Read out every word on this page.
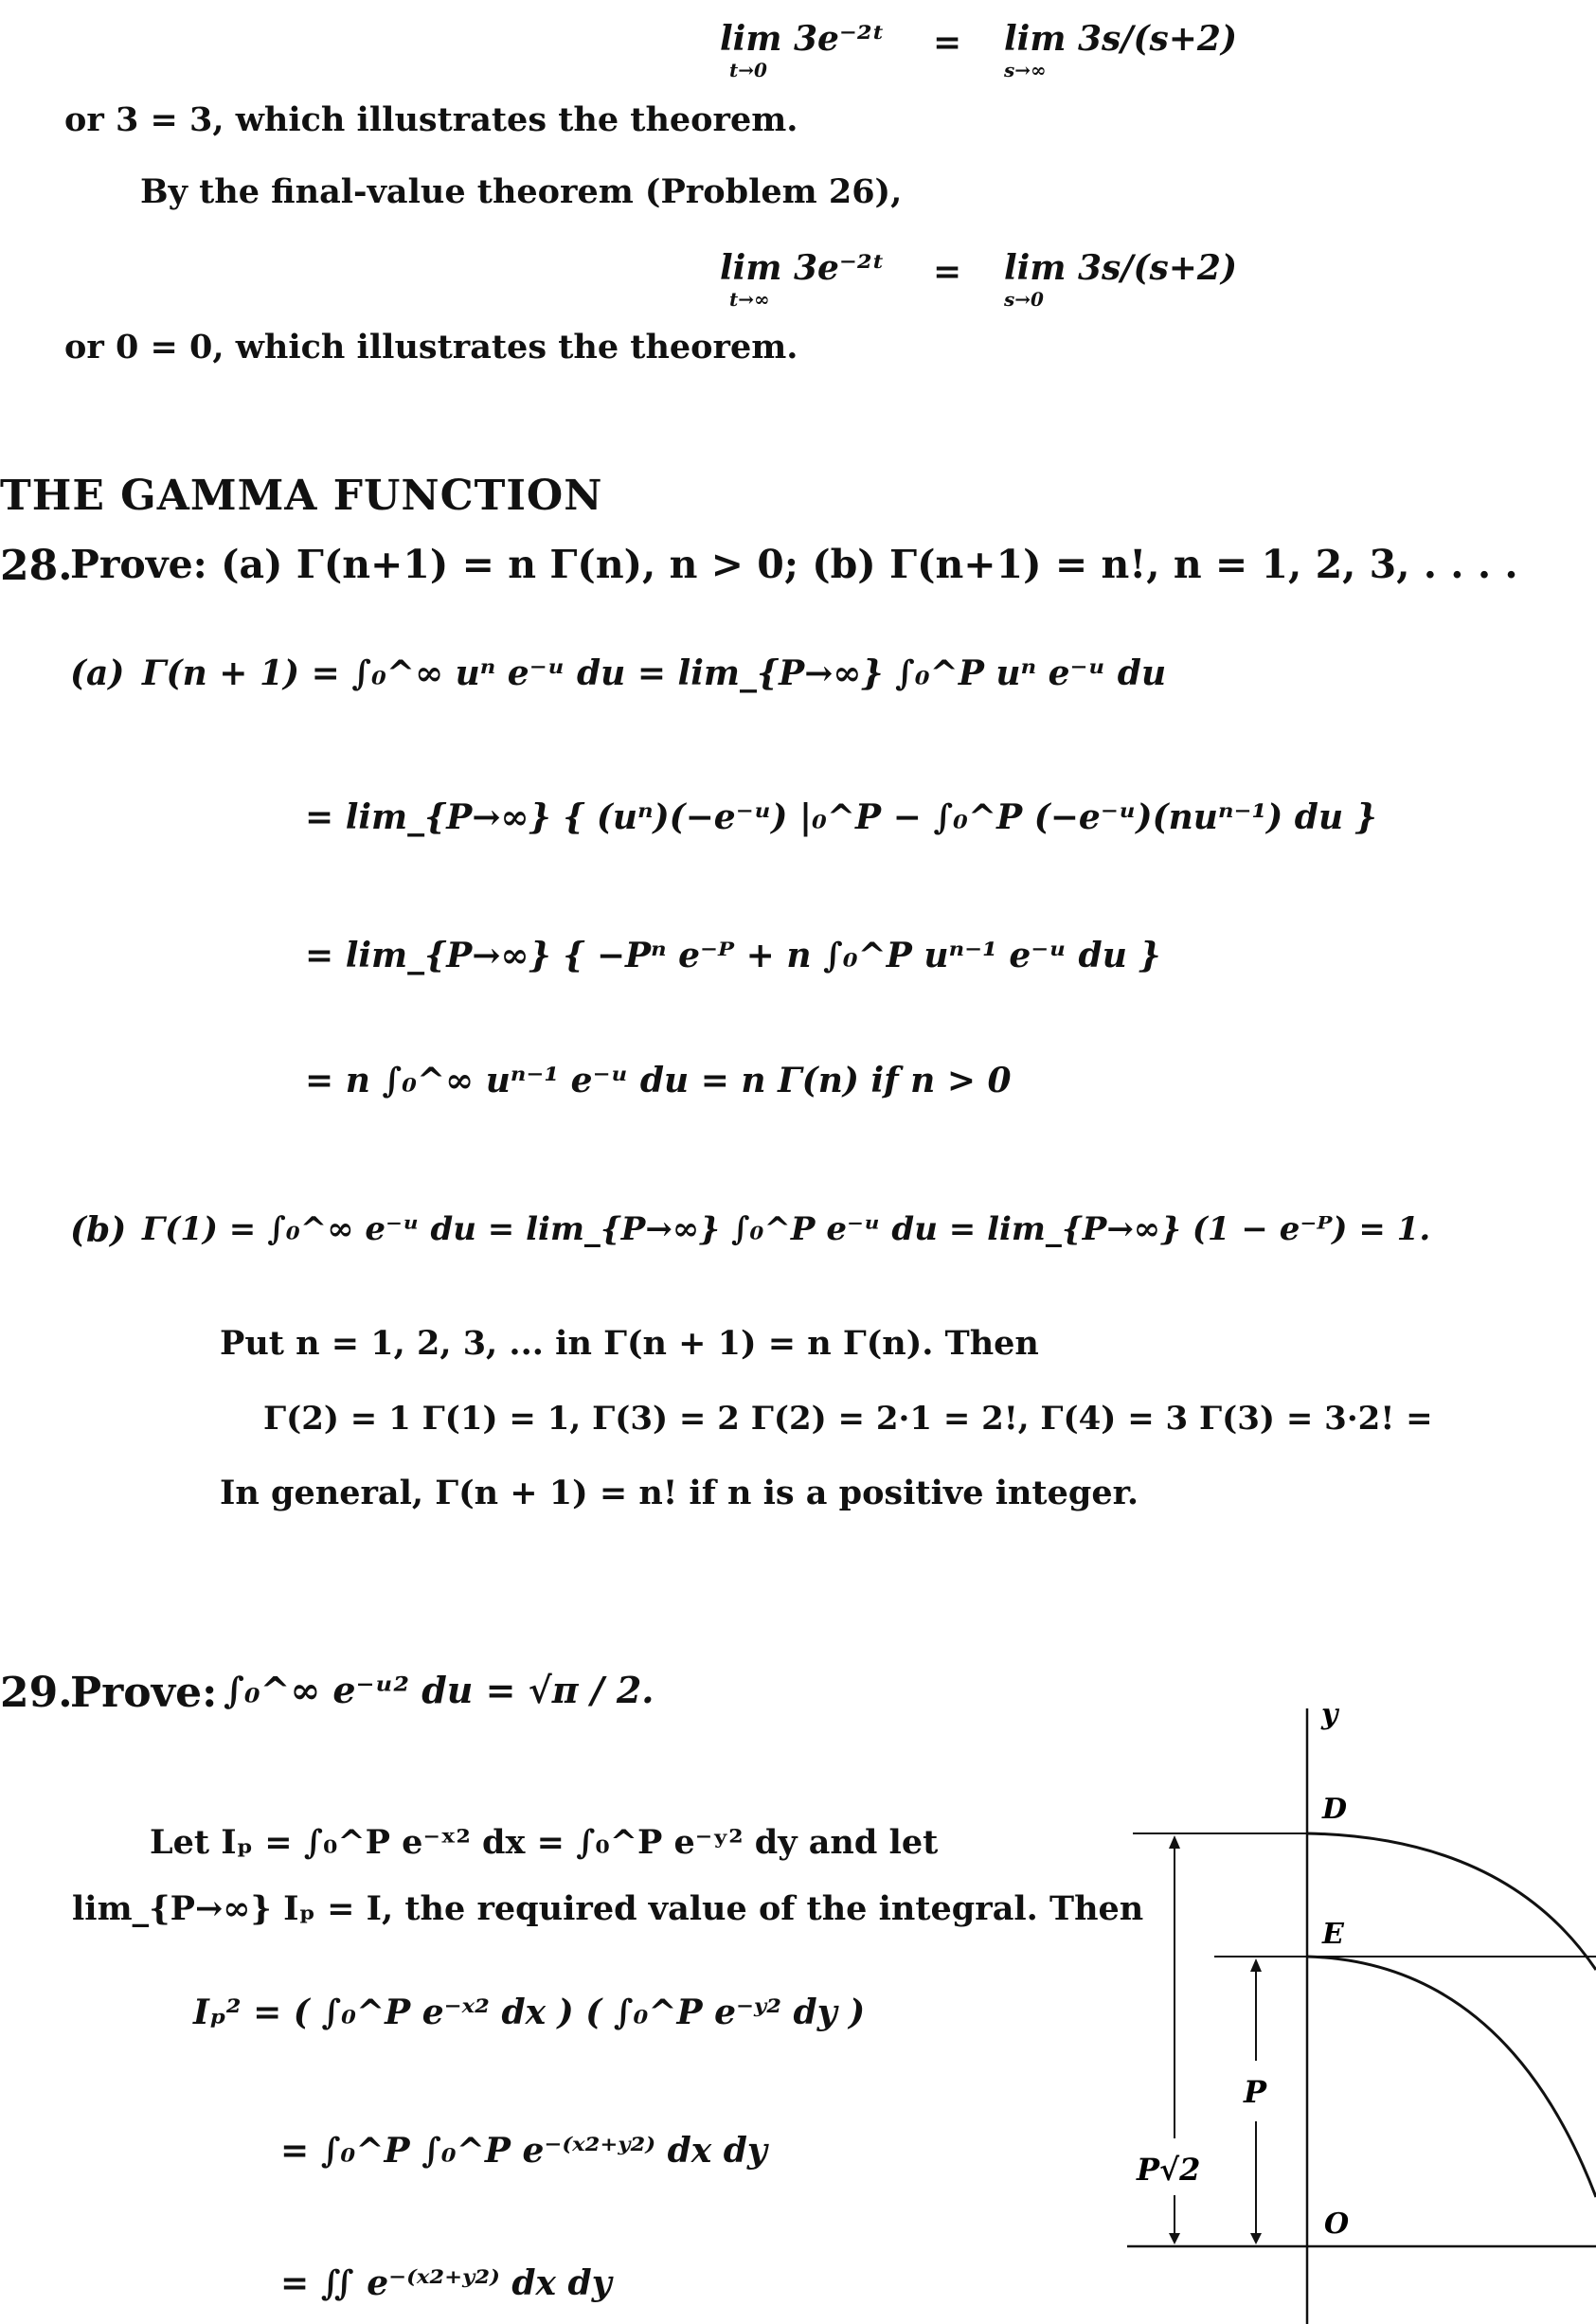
lim 3e⁻²ᵗ
t→0
= lim 3s/(s+2)
s→∞
or 3 = 3, which illustrates the theorem.
By the final-value theorem (Problem 26),
lim 3e⁻²ᵗ
t→∞
= lim 3s/(s+2)
s→0
or 0 = 0, which illustrates the theorem.
THE GAMMA FUNCTION
28.
Prove: (a) Γ(n+1) = n Γ(n), n > 0; (b) Γ(n+1) = n!, n = 1, 2, 3, . . . .
(a) Γ(n + 1) = ∫₀^∞ uⁿ e⁻ᵘ du = lim_{P→∞} ∫₀^P uⁿ e⁻ᵘ du
= lim_{P→∞} { (uⁿ)(−e⁻ᵘ) |₀^P − ∫₀^P (−e⁻ᵘ)(nuⁿ⁻¹) du }
= lim_{P→∞} { −Pⁿ e⁻ᴾ + n ∫₀^P uⁿ⁻¹ e⁻ᵘ du }
= n ∫₀^∞ uⁿ⁻¹ e⁻ᵘ du = n Γ(n) if n > 0
(b) Γ(1) = ∫₀^∞ e⁻ᵘ du = lim_{P→∞} ∫₀^P e⁻ᵘ du = lim_{P→∞} (1 − e⁻ᴾ) = 1.
Put n = 1, 2, 3, ... in Γ(n + 1) = n Γ(n). Then
Γ(2) = 1 Γ(1) = 1, Γ(3) = 2 Γ(2) = 2·1 = 2!, Γ(4) = 3 Γ(3) = 3·2! =
In general, Γ(n + 1) = n! if n is a positive integer.
29.
Prove: ∫₀^∞ e⁻ᵘ² du = √π / 2.
Let Iₚ = ∫₀^P e⁻ˣ² dx = ∫₀^P e⁻ʸ² dy and let
lim_{P→∞} Iₚ = I, the required value of the integral. Then
Iₚ² = ( ∫₀^P e⁻ˣ² dx ) ( ∫₀^P e⁻ʸ² dy )
= ∫₀^P ∫₀^P e⁻⁽ˣ²⁺ʸ²⁾ dx dy
= ∬ e⁻⁽ˣ²⁺ʸ²⁾ dx dy
y
D
E
O
P√2
P
